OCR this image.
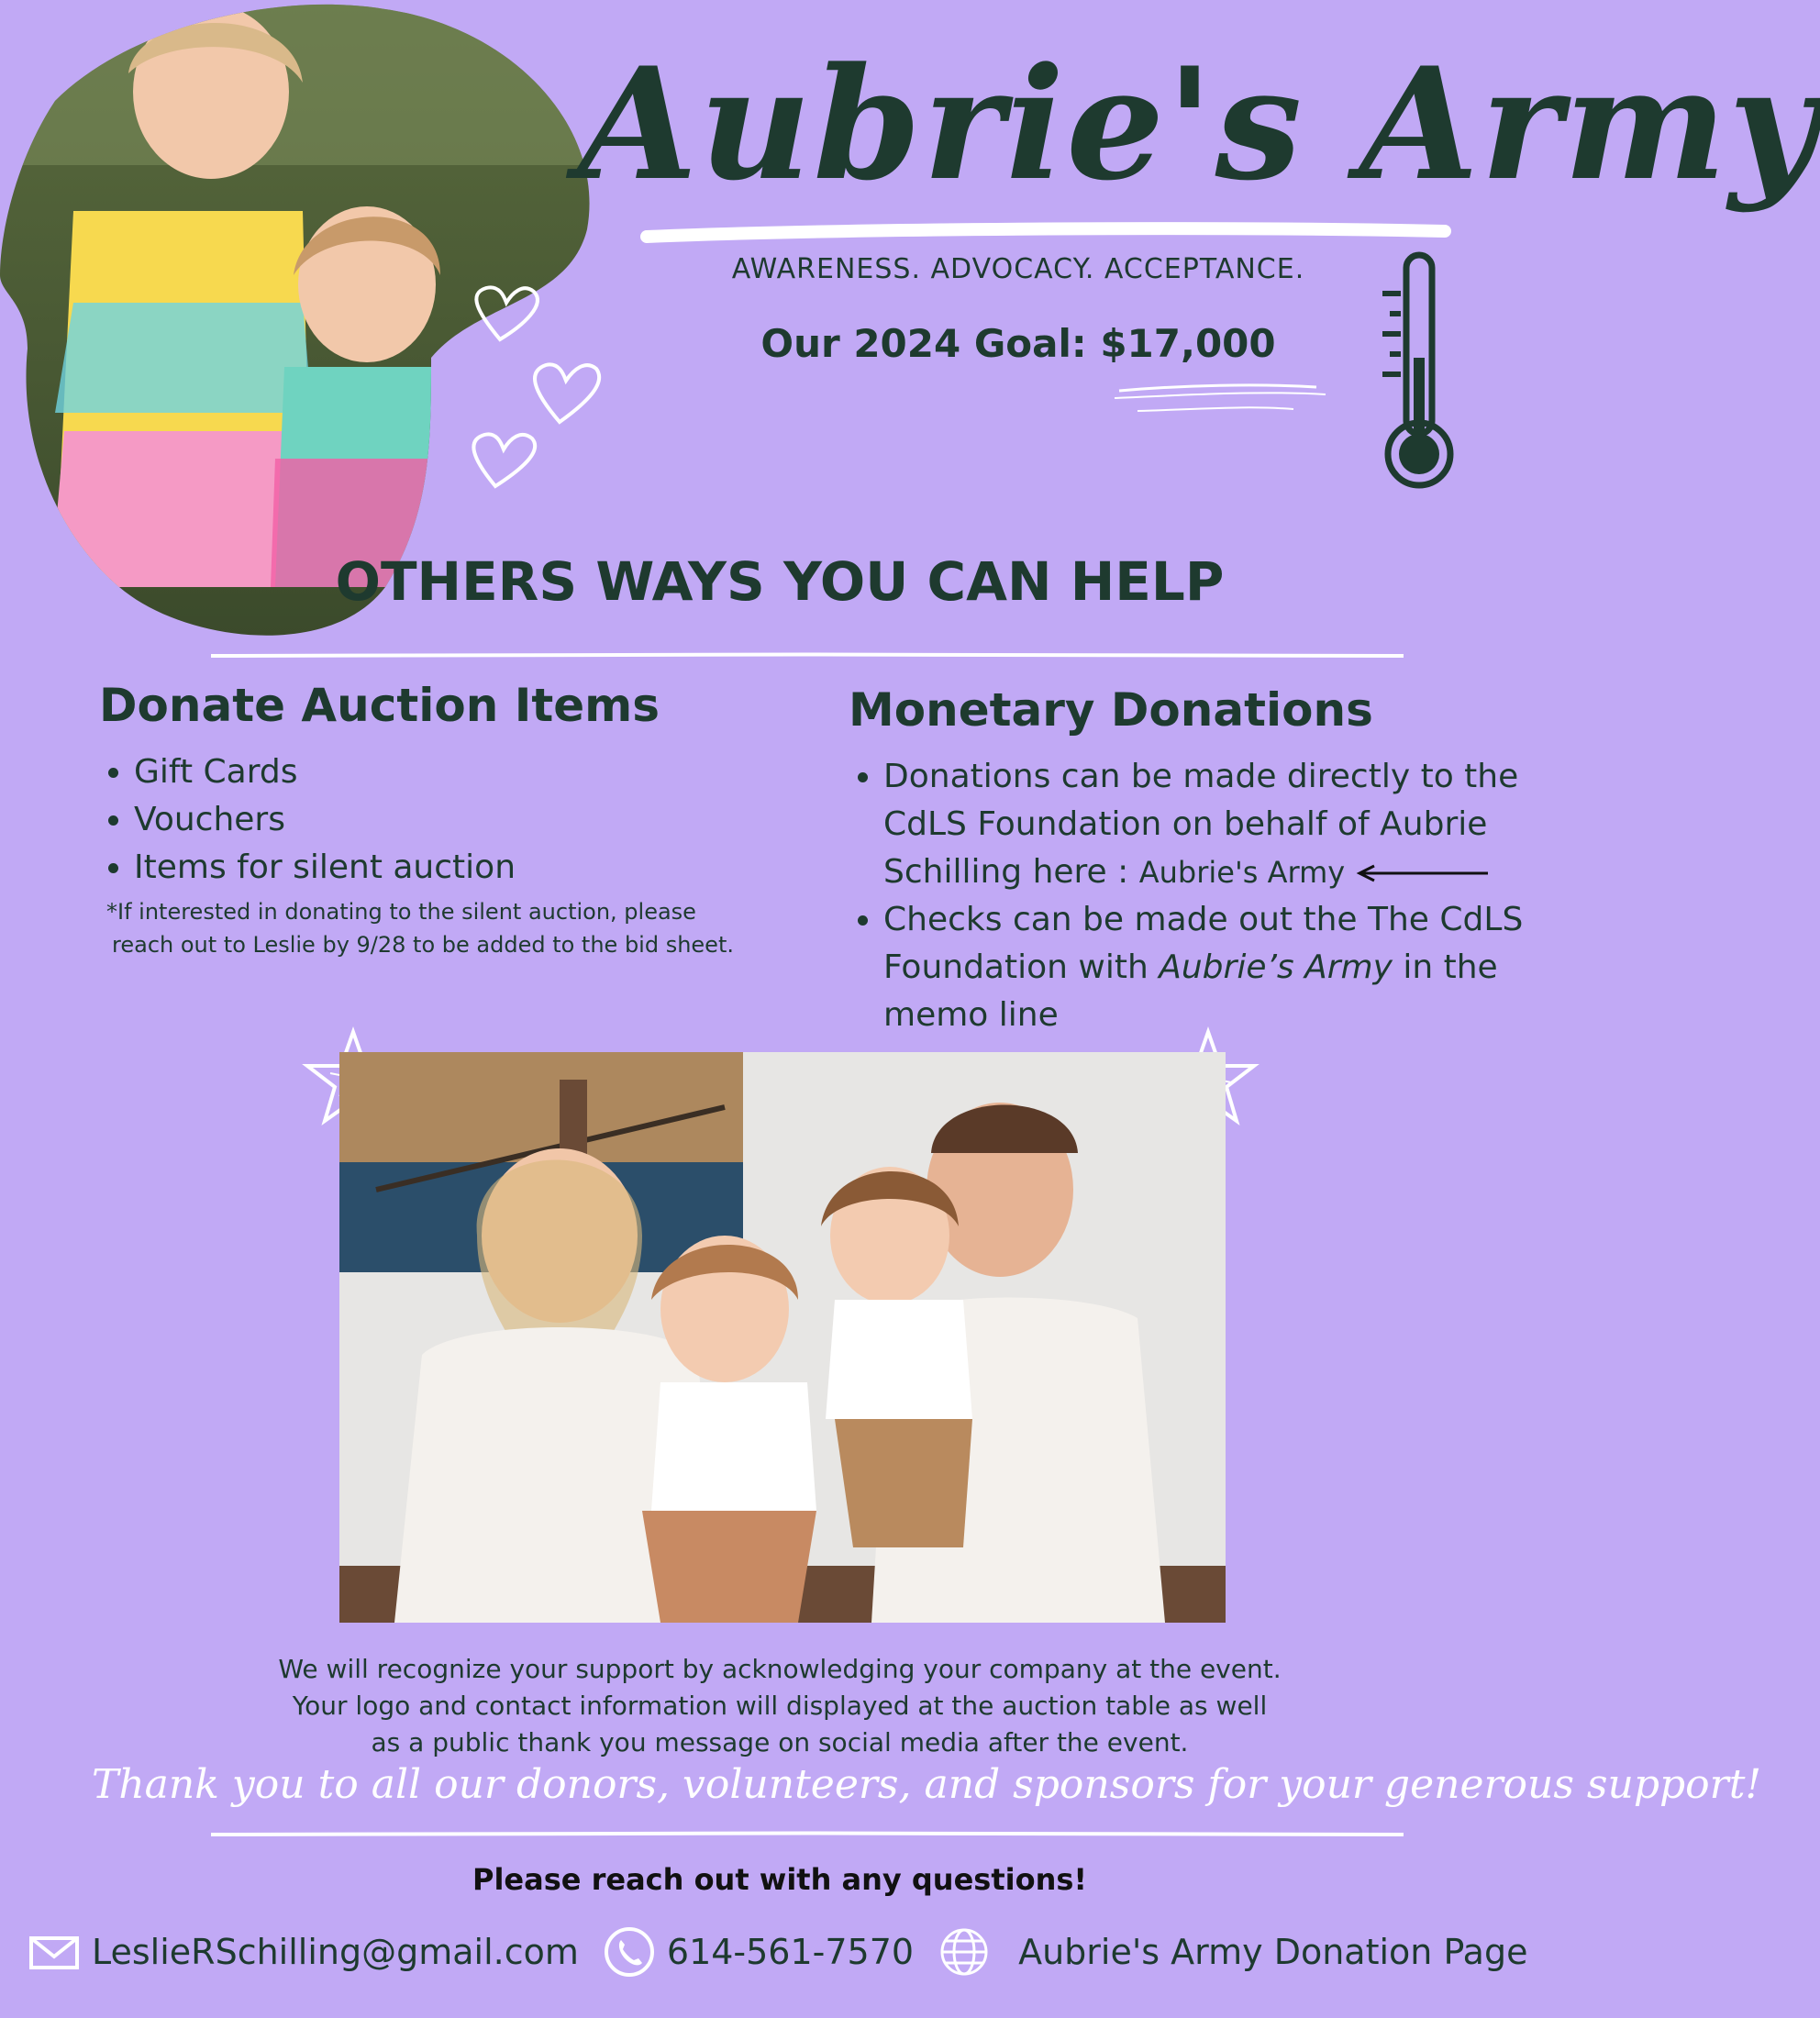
Aubrie's Army
AWARENESS. ADVOCACY. ACCEPTANCE.
Our 2024 Goal: $17,000
OTHERS WAYS YOU CAN HELP
Donate Auction Items
• Gift Cards
• Vouchers
• Items for silent auction
*If interested in donating to the silent auction, please
reach out to Leslie by 9/28 to be added to the bid sheet.
Monetary Donations
• Donations can be made directly to the CdLS Foundation on behalf of Aubrie Schilling here : Aubrie's Army
• Checks can be made out the The CdLS Foundation with Aubrie’s Army in the memo line
We will recognize your support by acknowledging your company at the event.
Your logo and contact information will displayed at the auction table as well
as a public thank you message on social media after the event.
Thank you to all our donors, volunteers, and sponsors for your generous support!
Please reach out with any questions!
LeslieRSchilling@gmail.com	614-561-7570	Aubrie's Army Donation Page
